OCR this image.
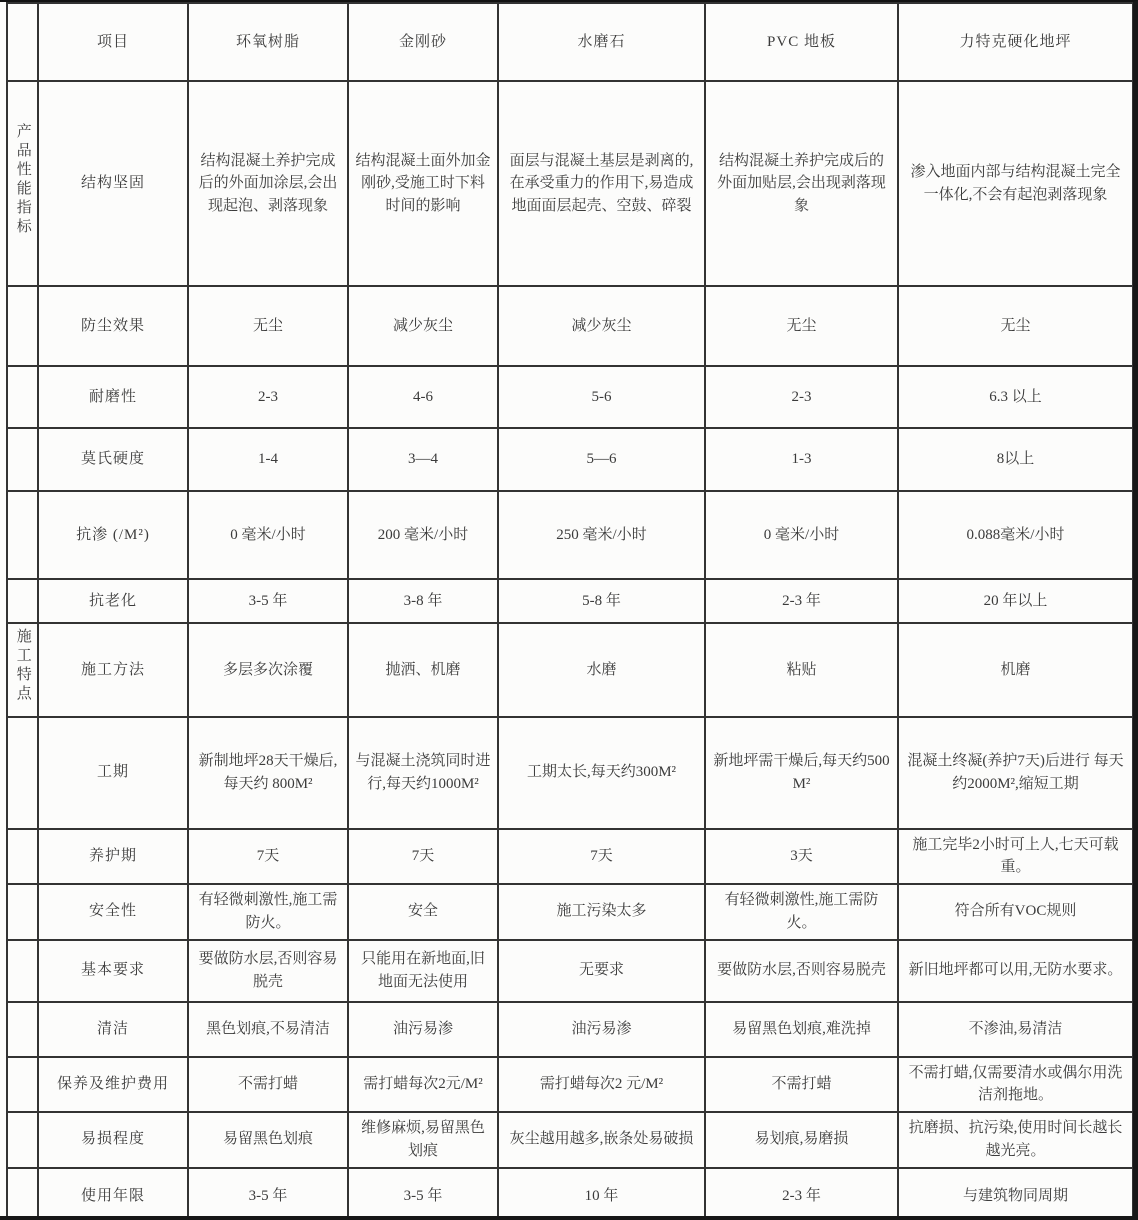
	项目	环氧树脂	金刚砂	水磨石	PVC 地板	力特克硬化地坪
产品性能指标	结构坚固	结构混凝土养护完成后的外面加涂层,会出现起泡、剥落现象	结构混凝土面外加金刚砂,受施工时下料时间的影响	面层与混凝土基层是剥离的,在承受重力的作用下,易造成地面面层起壳、空鼓、碎裂	结构混凝土养护完成后的外面加贴层,会出现剥落现象	渗入地面内部与结构混凝土完全一体化,不会有起泡剥落现象
	防尘效果	无尘	减少灰尘	减少灰尘	无尘	无尘
	耐磨性	2-3	4-6	5-6	2-3	6.3 以上
	莫氏硬度	1-4	3—4	5—6	1-3	8以上
	抗渗 (/M²)	0 毫米/小时	200 毫米/小时	250 毫米/小时	0 毫米/小时	0.088毫米/小时
	抗老化	3-5 年	3-8 年	5-8 年	2-3 年	20 年以上
施工特点	施工方法	多层多次涂覆	抛洒、机磨	水磨	粘贴	机磨
	工期	新制地坪28天干燥后,每天约 800M²	与混凝土浇筑同时进行,每天约1000M²	工期太长,每天约300M²	新地坪需干燥后,每天约500 M²	混凝土终凝(养护7天)后进行 每天约2000M²,缩短工期
	养护期	7天	7天	7天	3天	施工完毕2小时可上人,七天可载重。
	安全性	有轻微刺激性,施工需防火。	安全	施工污染太多	有轻微刺激性,施工需防火。	符合所有VOC规则
	基本要求	要做防水层,否则容易脱壳	只能用在新地面,旧地面无法使用	无要求	要做防水层,否则容易脱壳	新旧地坪都可以用,无防水要求。
	清洁	黑色划痕,不易清洁	油污易渗	油污易渗	易留黑色划痕,难洗掉	不渗油,易清洁
	保养及维护费用	不需打蜡	需打蜡每次2元/M²	需打蜡每次2 元/M²	不需打蜡	不需打蜡,仅需要清水或偶尔用洗洁剂拖地。
	易损程度	易留黑色划痕	维修麻烦,易留黑色划痕	灰尘越用越多,嵌条处易破损	易划痕,易磨损	抗磨损、抗污染,使用时间长越长越光亮。
	使用年限	3-5 年	3-5 年	10 年	2-3 年	与建筑物同周期
